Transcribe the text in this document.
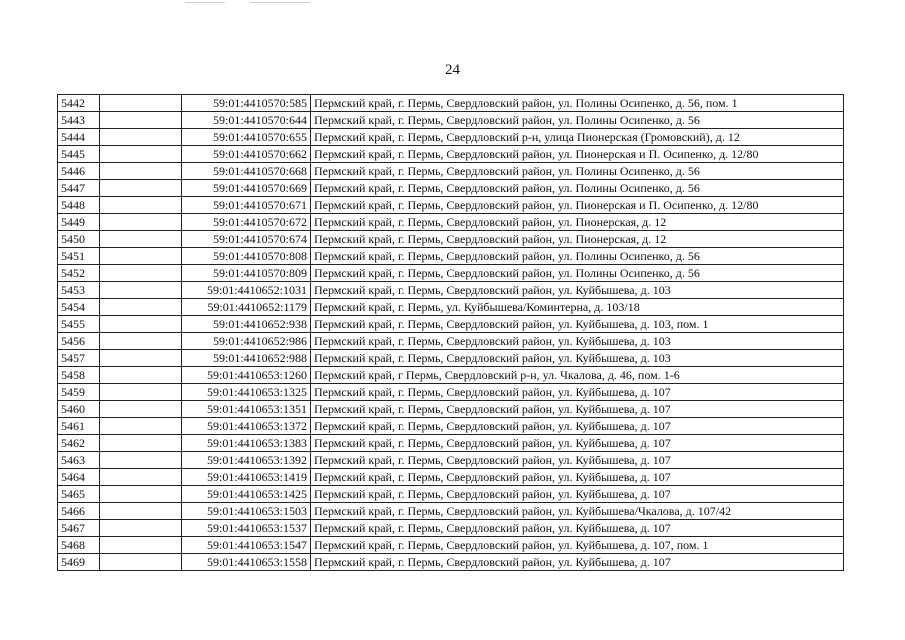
24
5442		59:01:4410570:585	Пермский край, г. Пермь, Свердловский район, ул. Полины Осипенко, д. 56, пом. 1
5443		59:01:4410570:644	Пермский край, г. Пермь, Свердловский район, ул. Полины Осипенко, д. 56
5444		59:01:4410570:655	Пермский край, г. Пермь, Свердловский р-н, улица Пионерская (Громовский), д. 12
5445		59:01:4410570:662	Пермский край, г. Пермь, Свердловский район, ул. Пионерская и П. Осипенко, д. 12/80
5446		59:01:4410570:668	Пермский край, г. Пермь, Свердловский район, ул. Полины Осипенко, д. 56
5447		59:01:4410570:669	Пермский край, г. Пермь, Свердловский район, ул. Полины Осипенко, д. 56
5448		59:01:4410570:671	Пермский край, г. Пермь, Свердловский район, ул. Пионерская и П. Осипенко, д. 12/80
5449		59:01:4410570:672	Пермский край, г. Пермь, Свердловский район, ул. Пионерская, д. 12
5450		59:01:4410570:674	Пермский край, г. Пермь, Свердловский район, ул. Пионерская, д. 12
5451		59:01:4410570:808	Пермский край, г. Пермь, Свердловский район, ул. Полины Осипенко, д. 56
5452		59:01:4410570:809	Пермский край, г. Пермь, Свердловский район, ул. Полины Осипенко, д. 56
5453		59:01:4410652:1031	Пермский край, г. Пермь, Свердловский район, ул. Куйбышева, д. 103
5454		59:01:4410652:1179	Пермский край, г. Пермь, ул. Куйбышева/Коминтерна, д. 103/18
5455		59:01:4410652:938	Пермский край, г. Пермь, Свердловский район, ул. Куйбышева, д. 103, пом. 1
5456		59:01:4410652:986	Пермский край, г. Пермь, Свердловский район, ул. Куйбышева, д. 103
5457		59:01:4410652:988	Пермский край, г. Пермь, Свердловский район, ул. Куйбышева, д. 103
5458		59:01:4410653:1260	Пермский край, г Пермь, Свердловский р-н, ул. Чкалова, д. 46, пом. 1-6
5459		59:01:4410653:1325	Пермский край, г. Пермь, Свердловский район, ул. Куйбышева, д. 107
5460		59:01:4410653:1351	Пермский край, г. Пермь, Свердловский район, ул. Куйбышева, д. 107
5461		59:01:4410653:1372	Пермский край, г. Пермь, Свердловский район, ул. Куйбышева, д. 107
5462		59:01:4410653:1383	Пермский край, г. Пермь, Свердловский район, ул. Куйбышева, д. 107
5463		59:01:4410653:1392	Пермский край, г. Пермь, Свердловский район, ул. Куйбышева, д. 107
5464		59:01:4410653:1419	Пермский край, г. Пермь, Свердловский район, ул. Куйбышева, д. 107
5465		59:01:4410653:1425	Пермский край, г. Пермь, Свердловский район, ул. Куйбышева, д. 107
5466		59:01:4410653:1503	Пермский край, г. Пермь, Свердловский район, ул. Куйбышева/Чкалова, д. 107/42
5467		59:01:4410653:1537	Пермский край, г. Пермь, Свердловский район, ул. Куйбышева, д. 107
5468		59:01:4410653:1547	Пермский край, г. Пермь, Свердловский район, ул. Куйбышева, д. 107, пом. 1
5469		59:01:4410653:1558	Пермский край, г. Пермь, Свердловский район, ул. Куйбышева, д. 107
